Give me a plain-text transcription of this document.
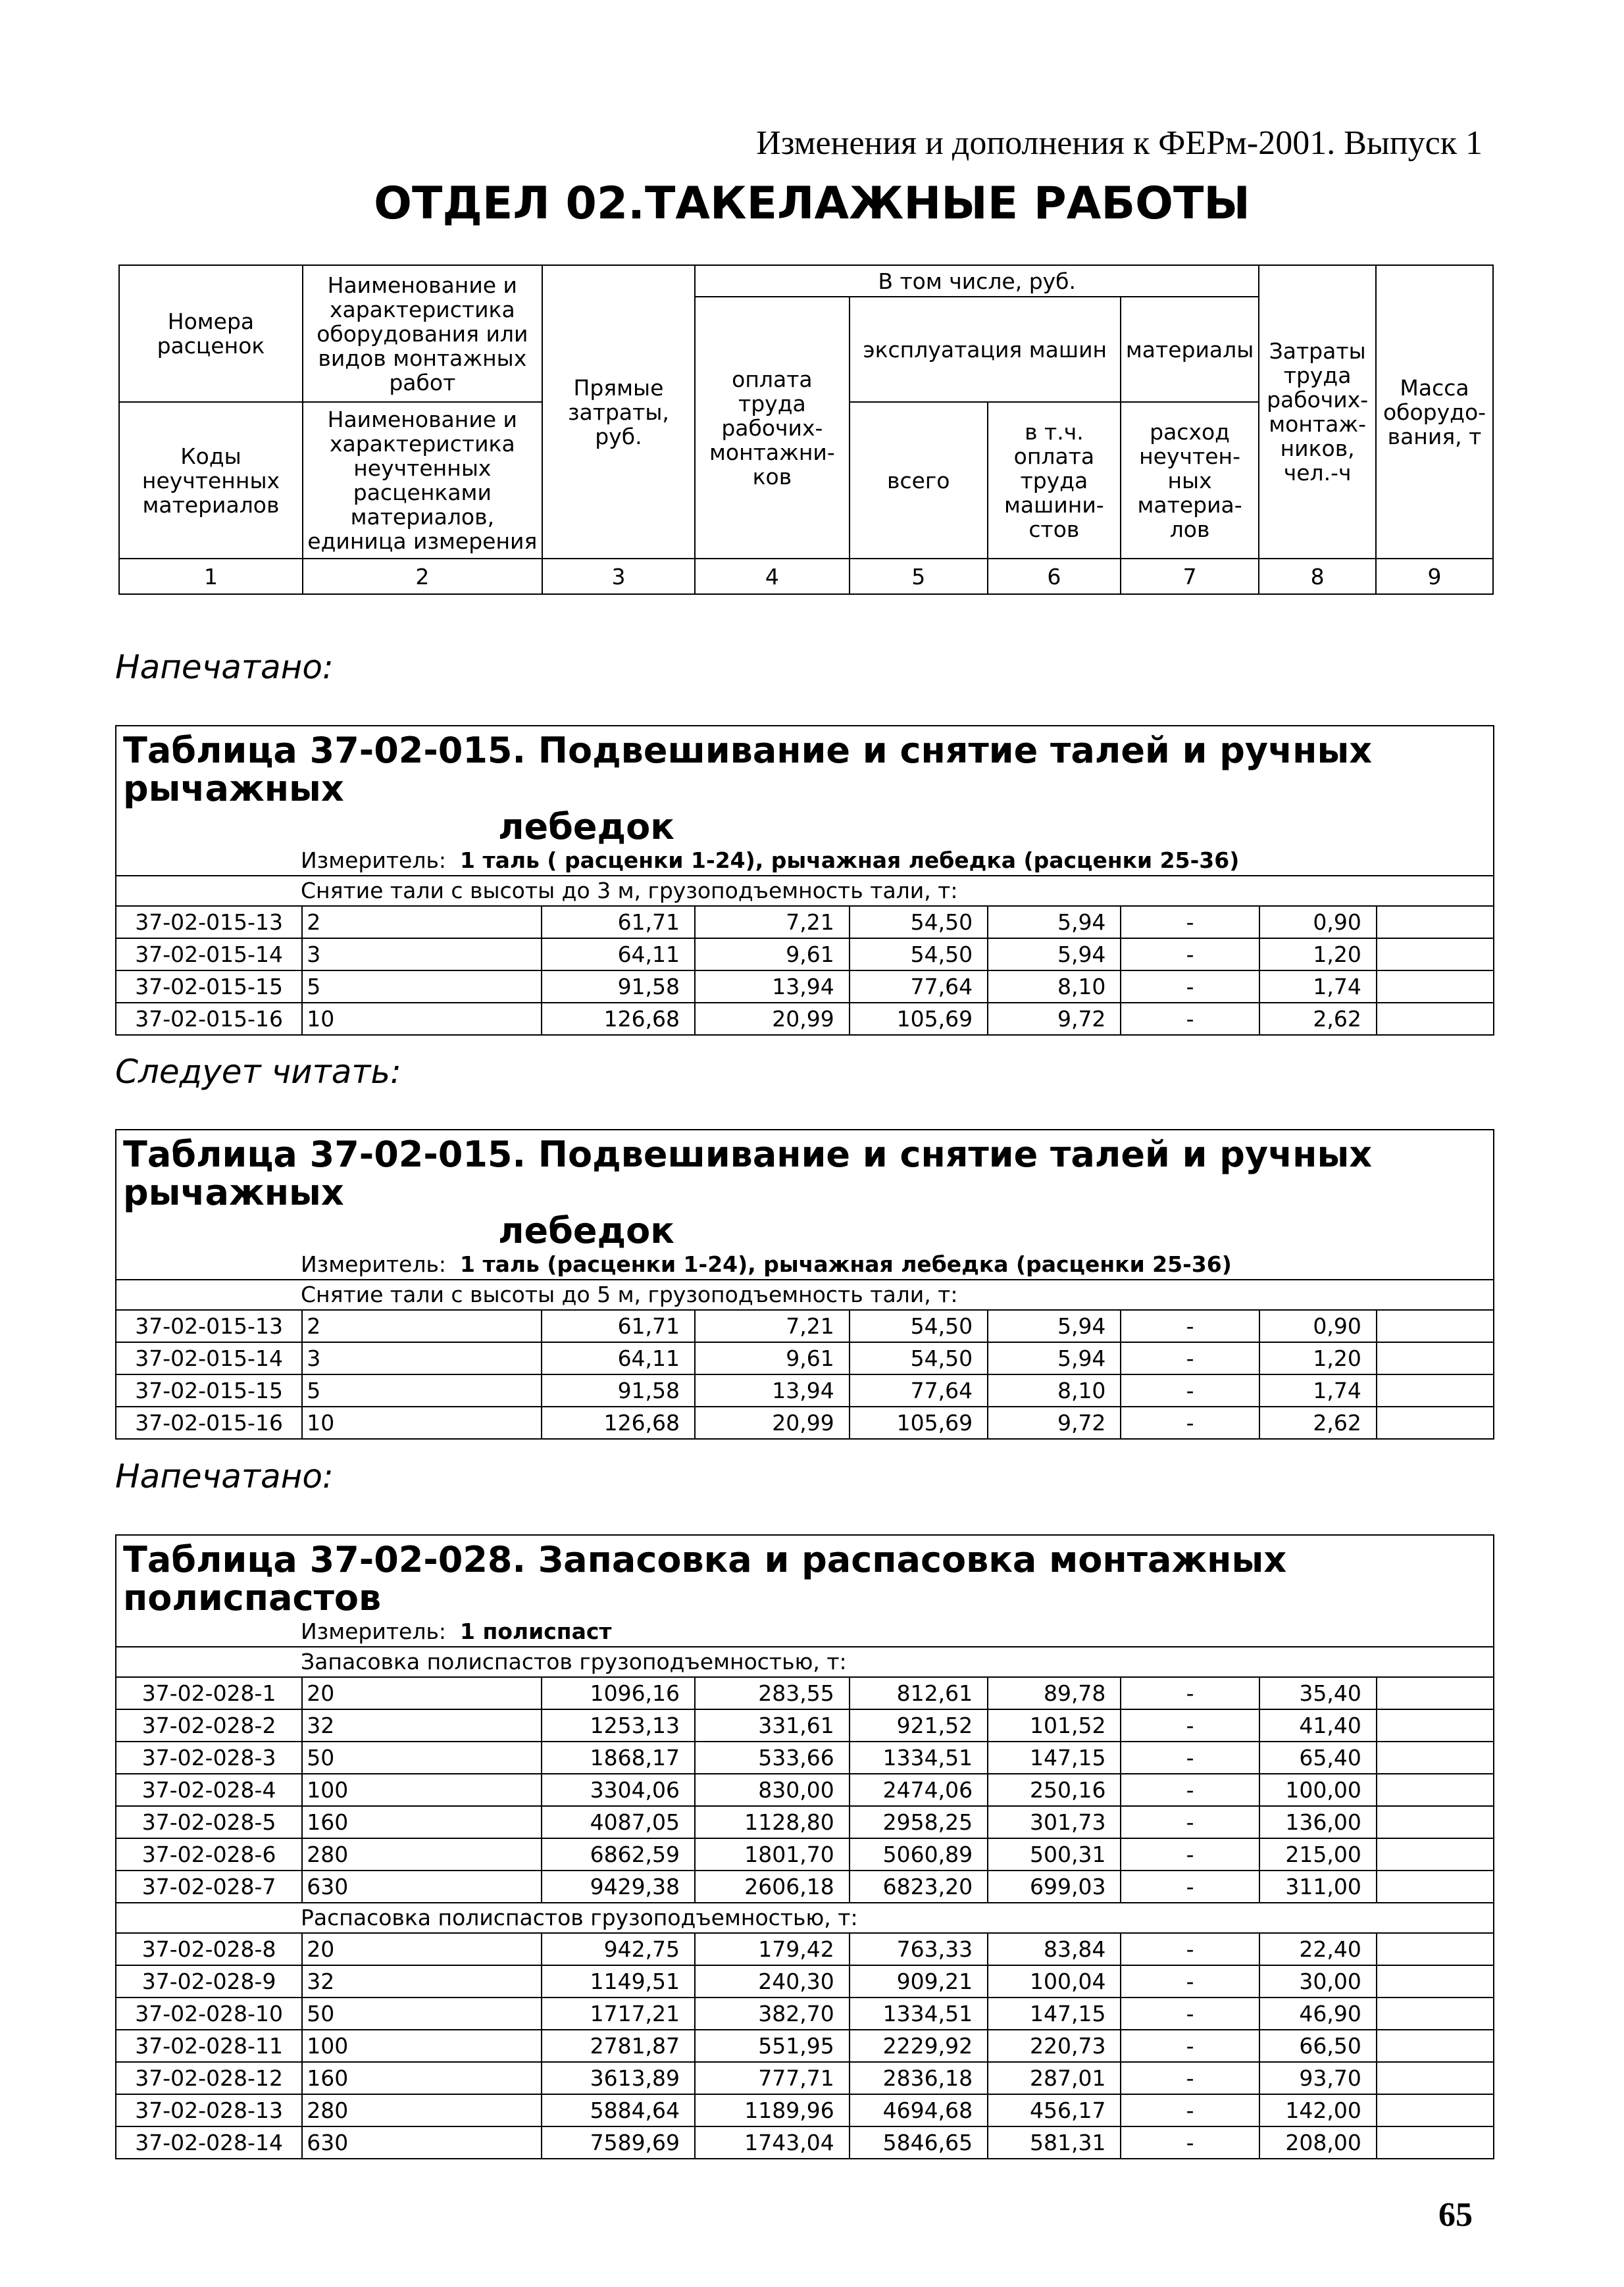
Изменения и дополнения к ФЕРм-2001. Выпуск 1
ОТДЕЛ 02.ТАКЕЛАЖНЫЕ РАБОТЫ
Номера расценок	Наименование и характеристика оборудования или видов монтажных работ	Прямые затраты, руб.	В том числе, руб.				Затраты труда рабочих-монтаж-ников, чел.-ч	Масса оборудо-вания, т
			оплата труда рабочих-монтажни-ков	эксплуатация машин		материалы		
Коды неучтенных материалов	Наименование и характеристика неучтенных расценками материалов, единица измерения			всего	в т.ч. оплата труда машини-стов	расход неучтен-ных материа-лов		

1	2	3	4	5	6	7	8	9
Напечатано:
Таблица 37-02-015. Подвешивание и снятие талей и ручных рычажных
лебедок								

Измеритель: 1 таль ( расценки 1-24), рычажная лебедка (расценки 25-36)								
Снятие тали с высоты до 3 м, грузоподъемность тали, т:								
37-02-015-13	2	61,71	7,21	54,50	5,94	-	0,90	
37-02-015-14	3	64,11	9,61	54,50	5,94	-	1,20	
37-02-015-15	5	91,58	13,94	77,64	8,10	-	1,74	
37-02-015-16	10	126,68	20,99	105,69	9,72	-	2,62	
Следует читать:
Таблица 37-02-015. Подвешивание и снятие талей и ручных рычажных
лебедок								

Измеритель: 1 таль (расценки 1-24), рычажная лебедка (расценки 25-36)								
Снятие тали с высоты до 5 м, грузоподъемность тали, т:								
37-02-015-13	2	61,71	7,21	54,50	5,94	-	0,90	
37-02-015-14	3	64,11	9,61	54,50	5,94	-	1,20	
37-02-015-15	5	91,58	13,94	77,64	8,10	-	1,74	
37-02-015-16	10	126,68	20,99	105,69	9,72	-	2,62	
Напечатано:
Таблица 37-02-028. Запасовка и распасовка монтажных полиспастов								
Измеритель: 1 полиспаст								
Запасовка полиспастов грузоподъемностью, т:								
37-02-028-1	20	1096,16	283,55	812,61	89,78	-	35,40	
37-02-028-2	32	1253,13	331,61	921,52	101,52	-	41,40	
37-02-028-3	50	1868,17	533,66	1334,51	147,15	-	65,40	
37-02-028-4	100	3304,06	830,00	2474,06	250,16	-	100,00	
37-02-028-5	160	4087,05	1128,80	2958,25	301,73	-	136,00	
37-02-028-6	280	6862,59	1801,70	5060,89	500,31	-	215,00	
37-02-028-7	630	9429,38	2606,18	6823,20	699,03	-	311,00	
Распасовка полиспастов грузоподъемностью, т:								
37-02-028-8	20	942,75	179,42	763,33	83,84	-	22,40	
37-02-028-9	32	1149,51	240,30	909,21	100,04	-	30,00	
37-02-028-10	50	1717,21	382,70	1334,51	147,15	-	46,90	
37-02-028-11	100	2781,87	551,95	2229,92	220,73	-	66,50	
37-02-028-12	160	3613,89	777,71	2836,18	287,01	-	93,70	
37-02-028-13	280	5884,64	1189,96	4694,68	456,17	-	142,00	
37-02-028-14	630	7589,69	1743,04	5846,65	581,31	-	208,00	
65
